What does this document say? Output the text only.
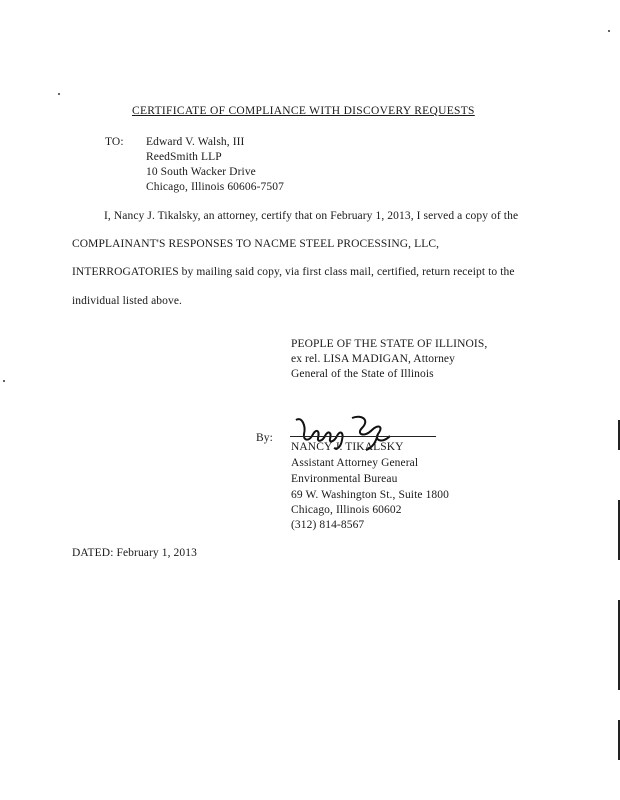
CERTIFICATE OF COMPLIANCE WITH DISCOVERY REQUESTS
TO: Edward V. Walsh, III
ReedSmith LLP
10 South Wacker Drive
Chicago, Illinois 60606-7507
I, Nancy J. Tikalsky, an attorney, certify that on February 1, 2013, I served a copy of the
COMPLAINANT'S RESPONSES TO NACME STEEL PROCESSING, LLC,
INTERROGATORIES by mailing said copy, via first class mail, certified, return receipt to the
individual listed above.
PEOPLE OF THE STATE OF ILLINOIS,
ex rel. LISA MADIGAN, Attorney
General of the State of Illinois
By:
NANCY J. TIKALSKY
Assistant Attorney General
Environmental Bureau
69 W. Washington St., Suite 1800
Chicago, Illinois 60602
(312) 814-8567
DATED: February 1, 2013
